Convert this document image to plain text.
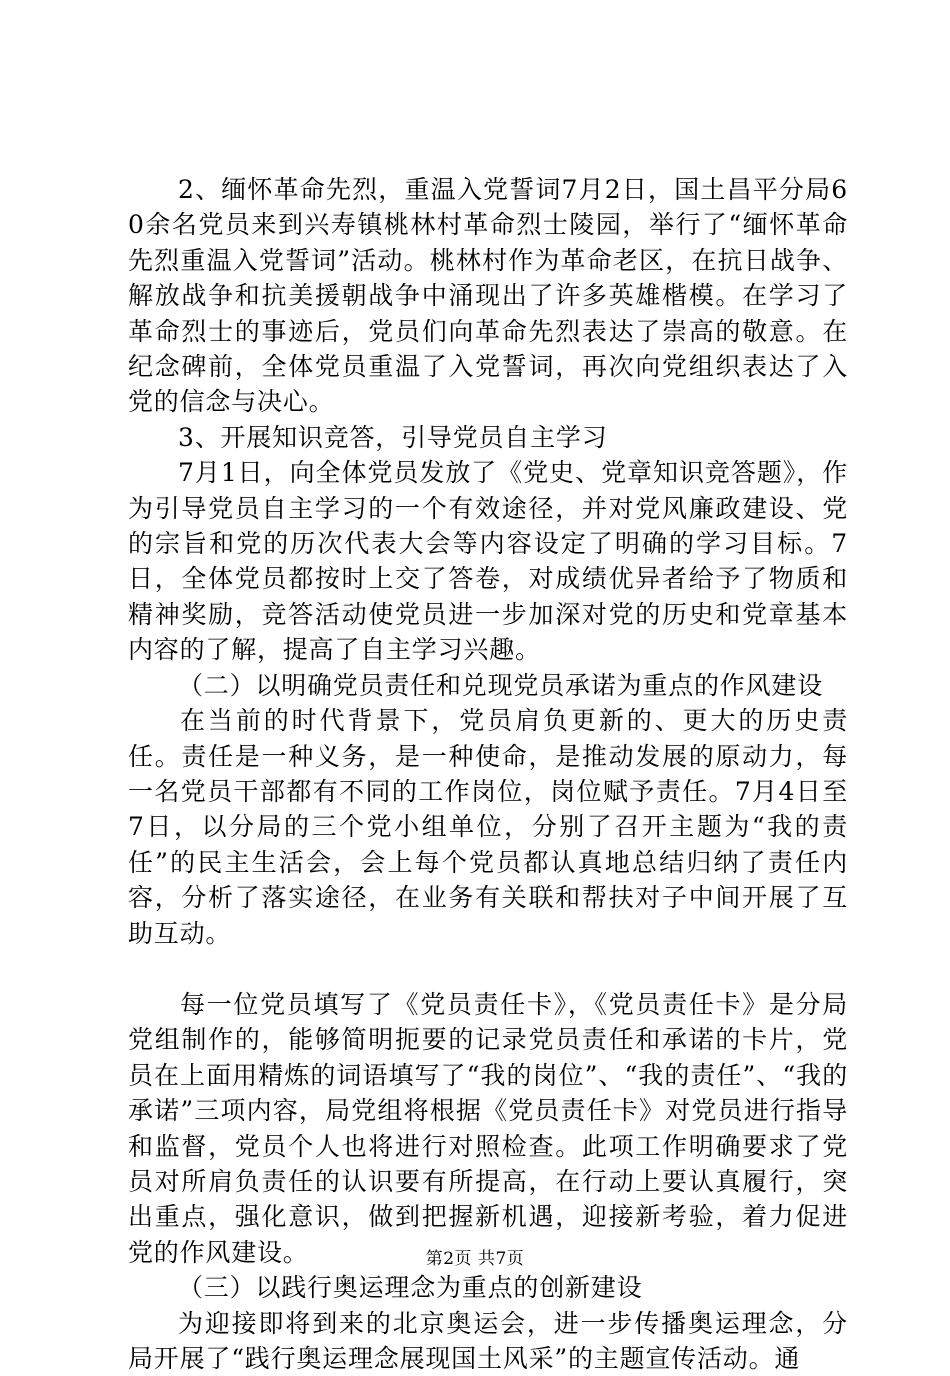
2、缅怀革命先烈，重温入党誓词7月2日，国土昌平分局60余名党员来到兴寿镇桃林村革命烈士陵园，举行了“缅怀革命先烈重温入党誓词”活动。桃林村作为革命老区，在抗日战争、解放战争和抗美援朝战争中涌现出了许多英雄楷模。在学习了革命烈士的事迹后，党员们向革命先烈表达了崇高的敬意。在纪念碑前，全体党员重温了入党誓词，再次向党组织表达了入党的信念与决心。

3、开展知识竞答，引导党员自主学习

7月1日，向全体党员发放了《党史、党章知识竞答题》，作为引导党员自主学习的一个有效途径，并对党风廉政建设、党的宗旨和党的历次代表大会等内容设定了明确的学习目标。7日，全体党员都按时上交了答卷，对成绩优异者给予了物质和精神奖励，竞答活动使党员进一步加深对党的历史和党章基本内容的了解，提高了自主学习兴趣。

（二）以明确党员责任和兑现党员承诺为重点的作风建设

在当前的时代背景下，党员肩负更新的、更大的历史责任。责任是一种义务，是一种使命，是推动发展的原动力，每一名党员干部都有不同的工作岗位，岗位赋予责任。7月4日至7日，以分局的三个党小组单位，分别了召开主题为“我的责任”的民主生活会，会上每个党员都认真地总结归纳了责任内容，分析了落实途径，在业务有关联和帮扶对子中间开展了互助互动。

每一位党员填写了《党员责任卡》，《党员责任卡》是分局党组制作的，能够简明扼要的记录党员责任和承诺的卡片，党员在上面用精炼的词语填写了“我的岗位”、“我的责任”、“我的承诺”三项内容，局党组将根据《党员责任卡》对党员进行指导和监督，党员个人也将进行对照检查。此项工作明确要求了党员对所肩负责任的认识要有所提高，在行动上要认真履行，突出重点，强化意识，做到把握新机遇，迎接新考验，着力促进党的作风建设。

（三）以践行奥运理念为重点的创新建设

为迎接即将到来的北京奥运会，进一步传播奥运理念，分局开展了“践行奥运理念展现国土风采”的主题宣传活动。通

第2页 共7页
